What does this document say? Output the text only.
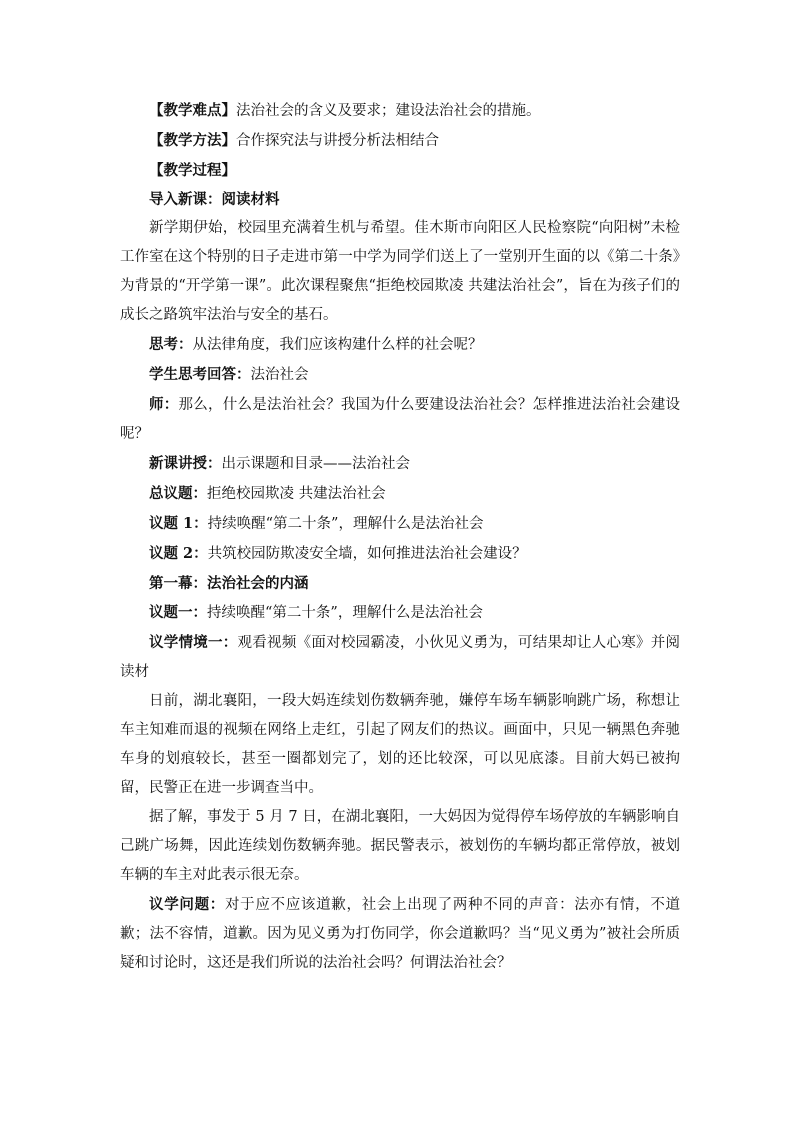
【教学难点】法治社会的含义及要求；建设法治社会的措施。

【教学方法】合作探究法与讲授分析法相结合

【教学过程】

导入新课：阅读材料

新学期伊始，校园里充满着生机与希望。佳木斯市向阳区人民检察院“向阳树”未检工作室在这个特别的日子走进市第一中学为同学们送上了一堂别开生面的以《第二十条》为背景的“开学第一课”。此次课程聚焦“拒绝校园欺凌 共建法治社会”，旨在为孩子们的成长之路筑牢法治与安全的基石。

思考：从法律角度，我们应该构建什么样的社会呢？

学生思考回答：法治社会

师：那么，什么是法治社会？我国为什么要建设法治社会？怎样推进法治社会建设呢？

新课讲授：出示课题和目录——法治社会

总议题：拒绝校园欺凌 共建法治社会

议题 1：持续唤醒“第二十条”，理解什么是法治社会

议题 2：共筑校园防欺凌安全墙，如何推进法治社会建设？

第一幕：法治社会的内涵

议题一：持续唤醒“第二十条”，理解什么是法治社会

议学情境一：观看视频《面对校园霸凌，小伙见义勇为，可结果却让人心寒》并阅读材

日前，湖北襄阳，一段大妈连续划伤数辆奔驰，嫌停车场车辆影响跳广场，称想让车主知难而退的视频在网络上走红，引起了网友们的热议。画面中，只见一辆黑色奔驰车身的划痕较长，甚至一圈都划完了，划的还比较深，可以见底漆。目前大妈已被拘留，民警正在进一步调查当中。

据了解，事发于 5 月 7 日，在湖北襄阳，一大妈因为觉得停车场停放的车辆影响自己跳广场舞，因此连续划伤数辆奔驰。据民警表示，被划伤的车辆均都正常停放，被划车辆的车主对此表示很无奈。

议学问题：对于应不应该道歉，社会上出现了两种不同的声音：法亦有情，不道歉；法不容情，道歉。因为见义勇为打伤同学，你会道歉吗？当“见义勇为”被社会所质疑和讨论时，这还是我们所说的法治社会吗？何谓法治社会？
